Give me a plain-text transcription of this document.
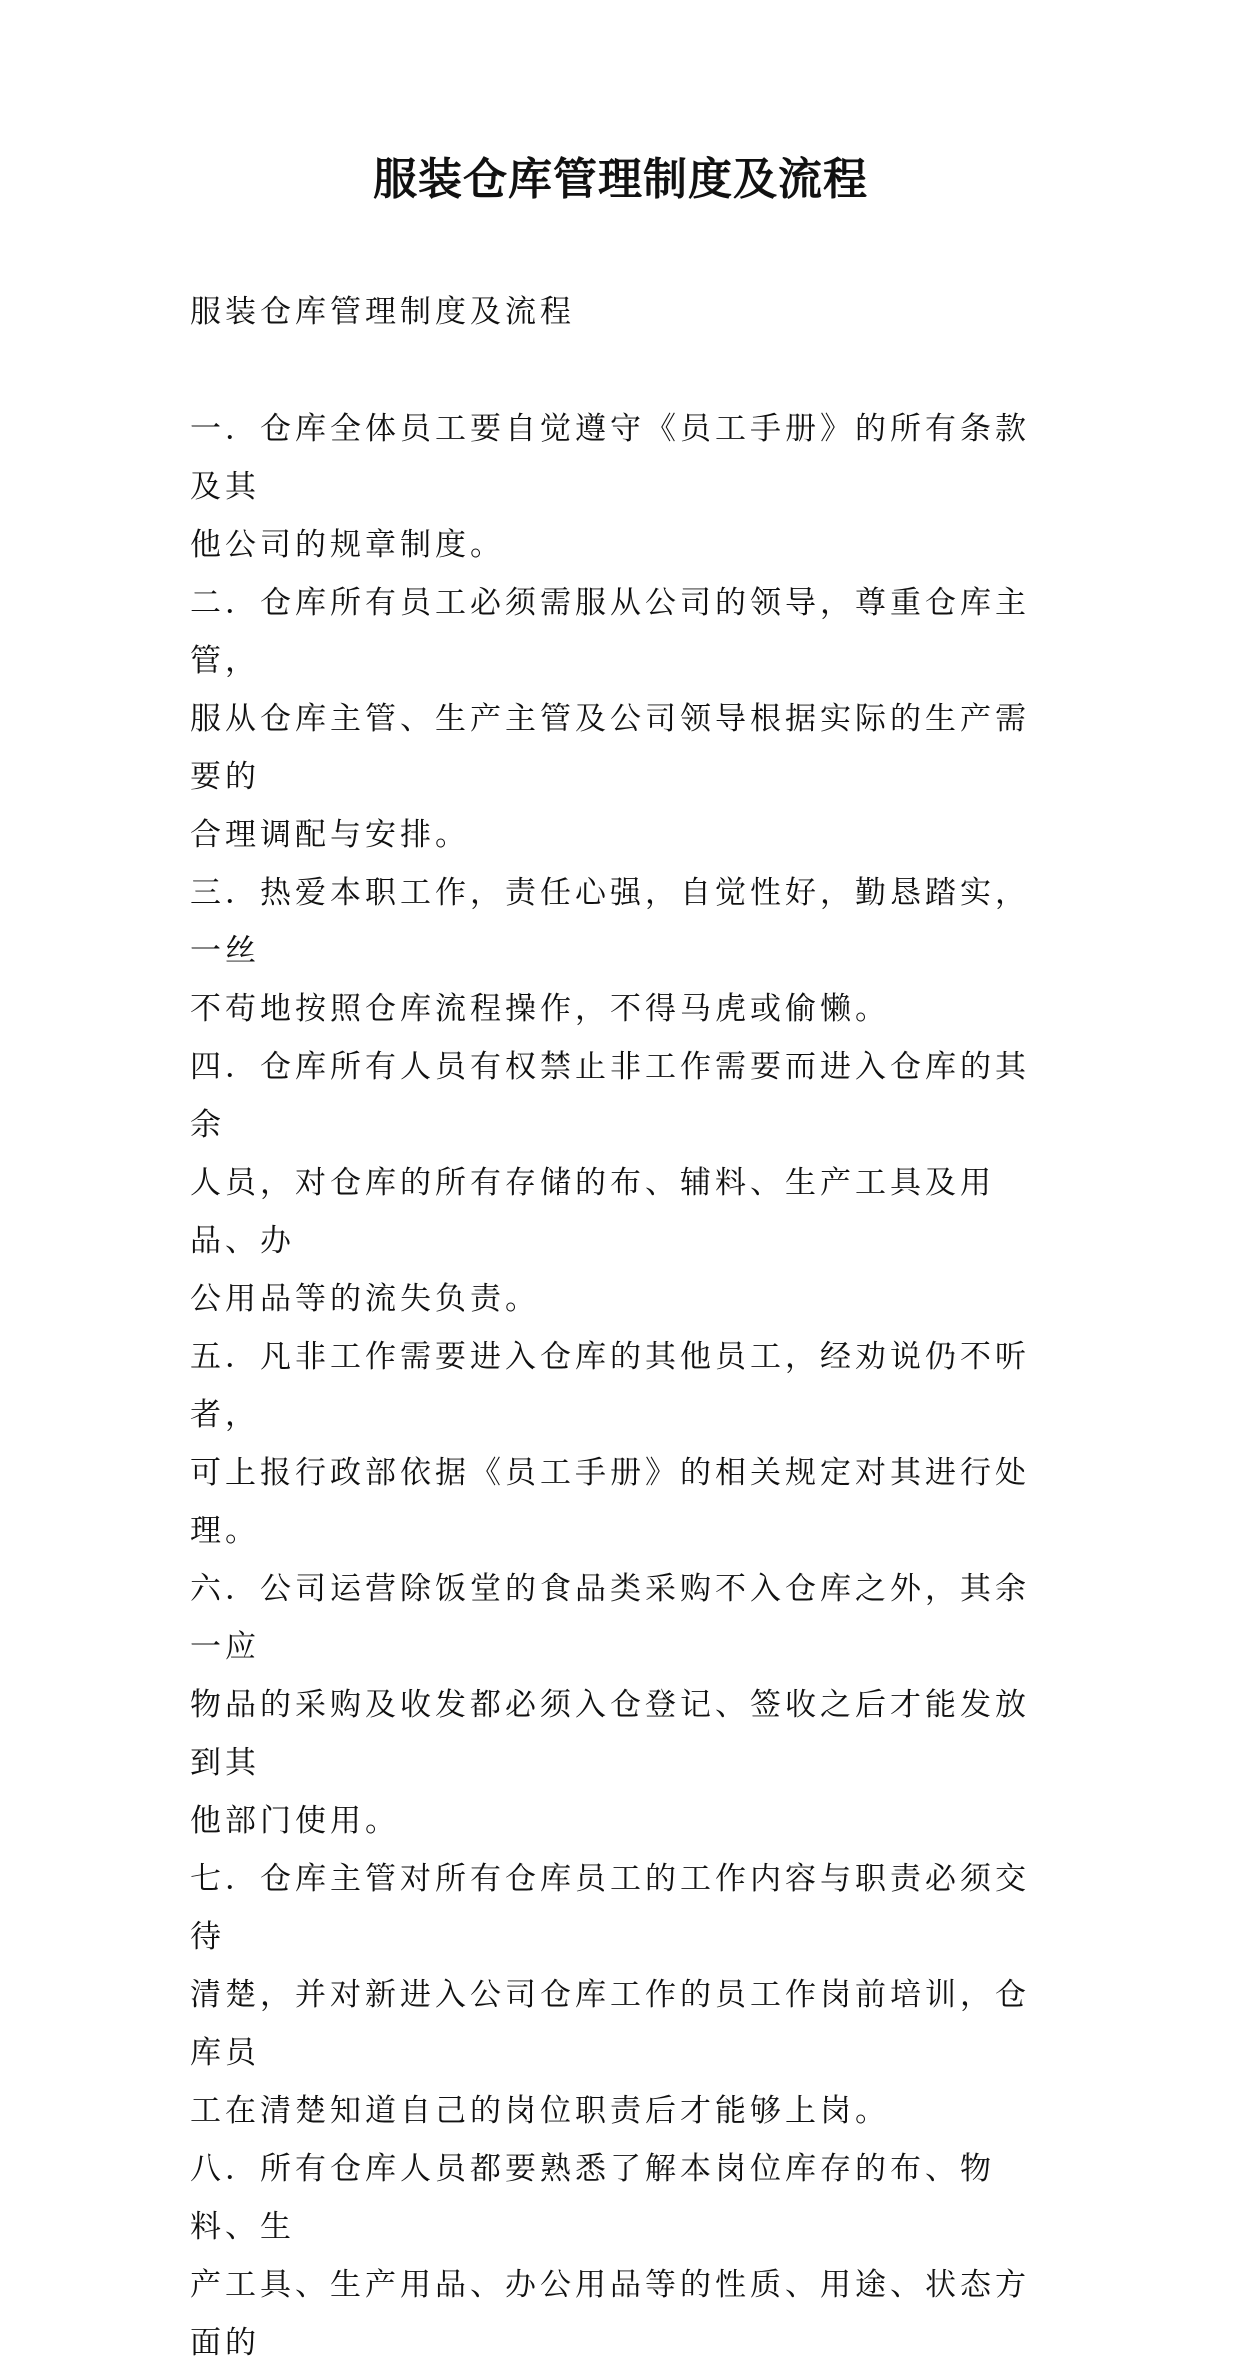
服装仓库管理制度及流程

服装仓库管理制度及流程

一．仓库全体员工要自觉遵守《员工手册》的所有条款及其
他公司的规章制度。

二．仓库所有员工必须需服从公司的领导，尊重仓库主管，
服从仓库主管、生产主管及公司领导根据实际的生产需要的
合理调配与安排。

三．热爱本职工作，责任心强，自觉性好，勤恳踏实，一丝
不苟地按照仓库流程操作，不得马虎或偷懒。

四．仓库所有人员有权禁止非工作需要而进入仓库的其余
人员，对仓库的所有存储的布、辅料、生产工具及用品、办
公用品等的流失负责。

五．凡非工作需要进入仓库的其他员工，经劝说仍不听者，
可上报行政部依据《员工手册》的相关规定对其进行处理。

六．公司运营除饭堂的食品类采购不入仓库之外，其余一应
物品的采购及收发都必须入仓登记、签收之后才能发放到其
他部门使用。

七．仓库主管对所有仓库员工的工作内容与职责必须交待
清楚，并对新进入公司仓库工作的员工作岗前培训，仓库员
工在清楚知道自己的岗位职责后才能够上岗。

八．所有仓库人员都要熟悉了解本岗位库存的布、物料、生
产工具、生产用品、办公用品等的性质、用途、状态方面的
